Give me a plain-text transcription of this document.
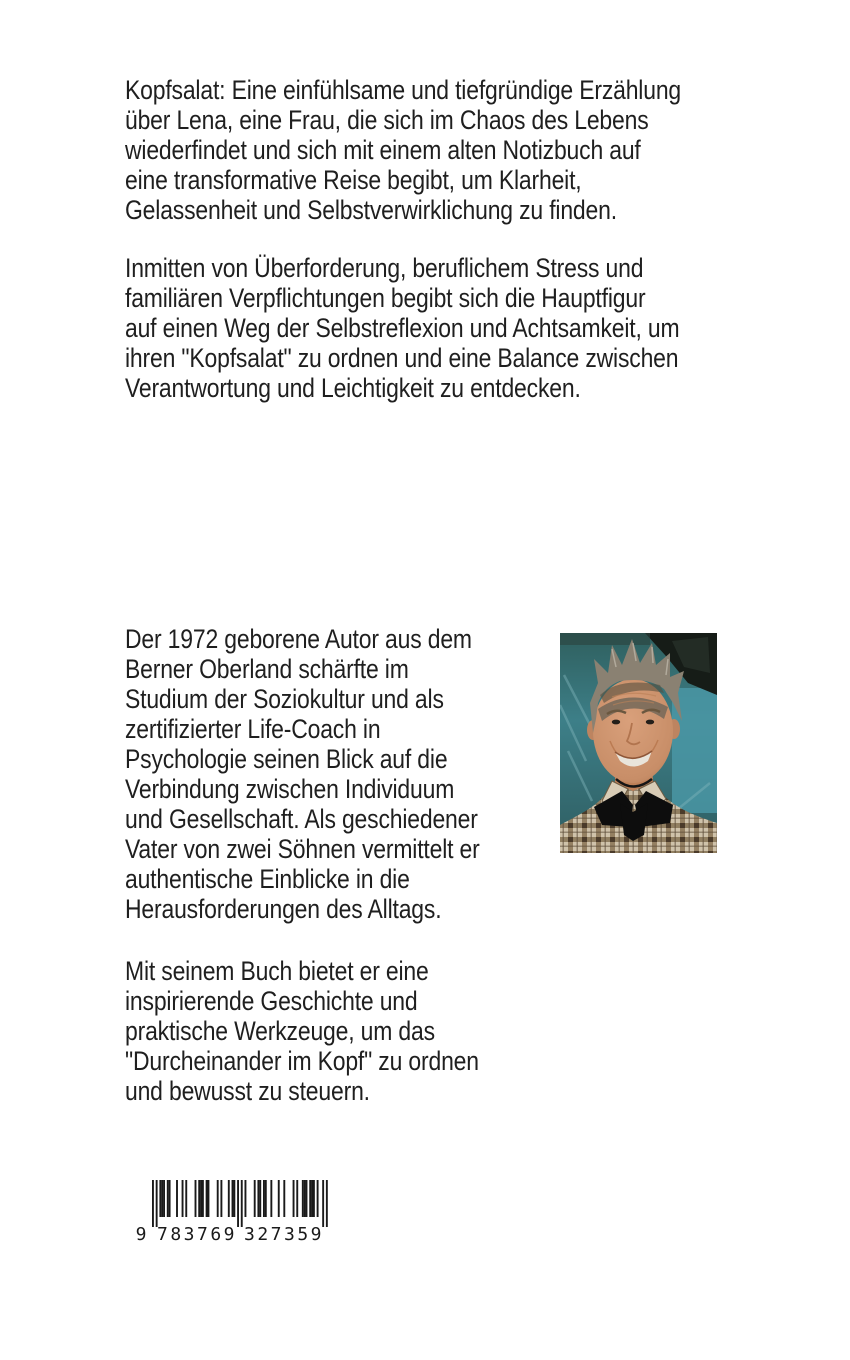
Kopfsalat: Eine einfühlsame und tiefgründige Erzählung
über Lena, eine Frau, die sich im Chaos des Lebens
wiederfindet und sich mit einem alten Notizbuch auf
eine transformative Reise begibt, um Klarheit,
Gelassenheit und Selbstverwirklichung zu finden.

Inmitten von Überforderung, beruflichem Stress und
familiären Verpflichtungen begibt sich die Hauptfigur
auf einen Weg der Selbstreflexion und Achtsamkeit, um
ihren "Kopfsalat" zu ordnen und eine Balance zwischen
Verantwortung und Leichtigkeit zu entdecken.

Der 1972 geborene Autor aus dem
Berner Oberland schärfte im
Studium der Soziokultur und als
zertifizierter Life-Coach in
Psychologie seinen Blick auf die
Verbindung zwischen Individuum
und Gesellschaft. Als geschiedener
Vater von zwei Söhnen vermittelt er
authentische Einblicke in die
Herausforderungen des Alltags.

Mit seinem Buch bietet er eine
inspirierende Geschichte und
praktische Werkzeuge, um das
"Durcheinander im Kopf" zu ordnen
und bewusst zu steuern.

9 783769 327359
